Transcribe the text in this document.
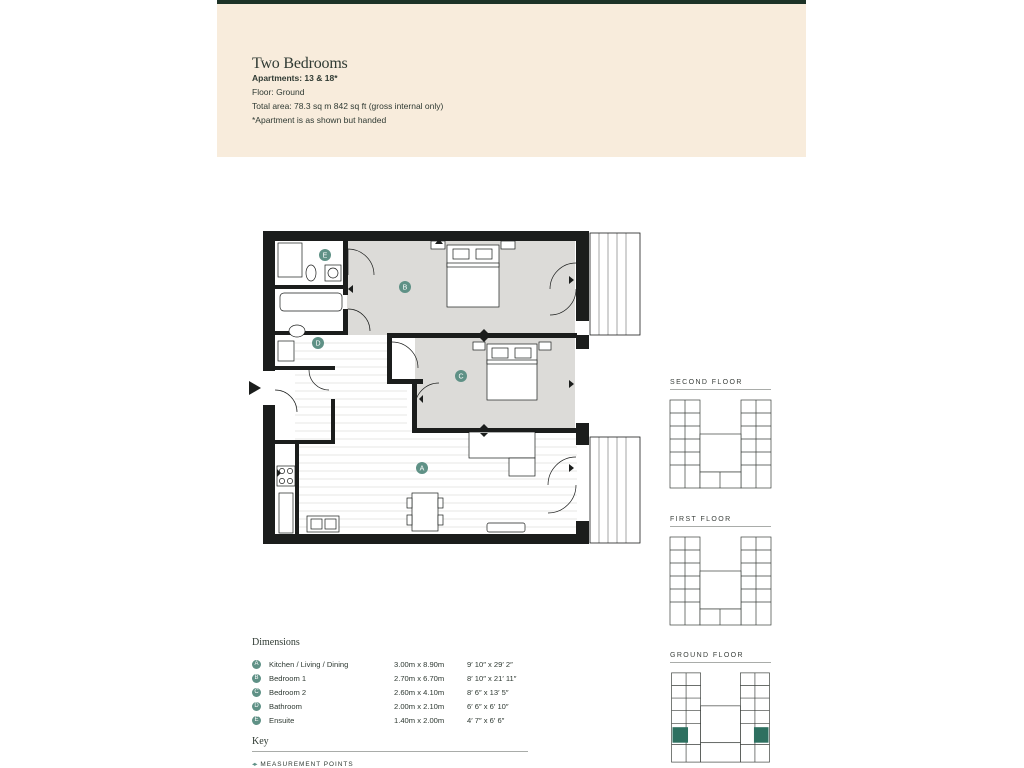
Two Bedrooms
Apartments: 13 & 18*
Floor: Ground
Total area: 78.3 sq m 842 sq ft (gross internal only)
*Apartment is as shown but handed
A
B
C
D
E
SECOND FLOOR
FIRST FLOOR
GROUND FLOOR
Dimensions
A	Kitchen / Living / Dining	3.00m x 8.90m	9′ 10″ x 29′ 2″
B	Bedroom 1	2.70m x 6.70m	8′ 10″ x 21′ 11″
C	Bedroom 2	2.60m x 4.10m	8′ 6″ x 13′ 5″
D	Bathroom	2.00m x 2.10m	6′ 6″ x 6′ 10″
E	Ensuite	1.40m x 2.00m	4′ 7″ x 6′ 6″
Key
◂▸ MEASUREMENT POINTS
